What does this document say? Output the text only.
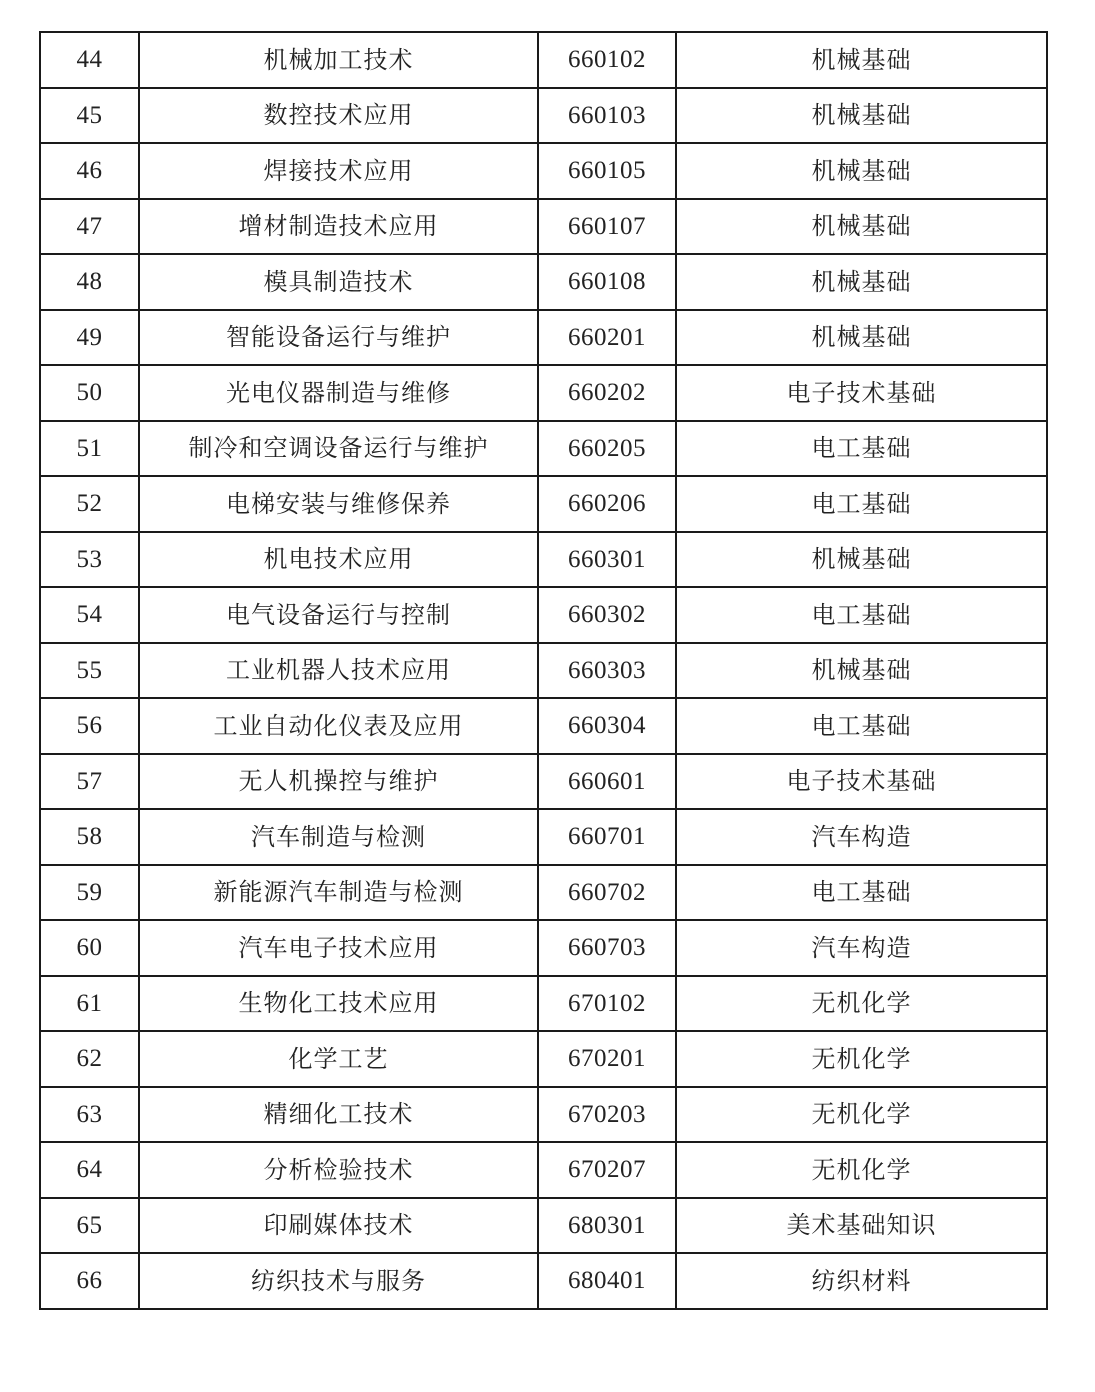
44	机械加工技术	660102	机械基础
45	数控技术应用	660103	机械基础
46	焊接技术应用	660105	机械基础
47	增材制造技术应用	660107	机械基础
48	模具制造技术	660108	机械基础
49	智能设备运行与维护	660201	机械基础
50	光电仪器制造与维修	660202	电子技术基础
51	制冷和空调设备运行与维护	660205	电工基础
52	电梯安装与维修保养	660206	电工基础
53	机电技术应用	660301	机械基础
54	电气设备运行与控制	660302	电工基础
55	工业机器人技术应用	660303	机械基础
56	工业自动化仪表及应用	660304	电工基础
57	无人机操控与维护	660601	电子技术基础
58	汽车制造与检测	660701	汽车构造
59	新能源汽车制造与检测	660702	电工基础
60	汽车电子技术应用	660703	汽车构造
61	生物化工技术应用	670102	无机化学
62	化学工艺	670201	无机化学
63	精细化工技术	670203	无机化学
64	分析检验技术	670207	无机化学
65	印刷媒体技术	680301	美术基础知识
66	纺织技术与服务	680401	纺织材料
